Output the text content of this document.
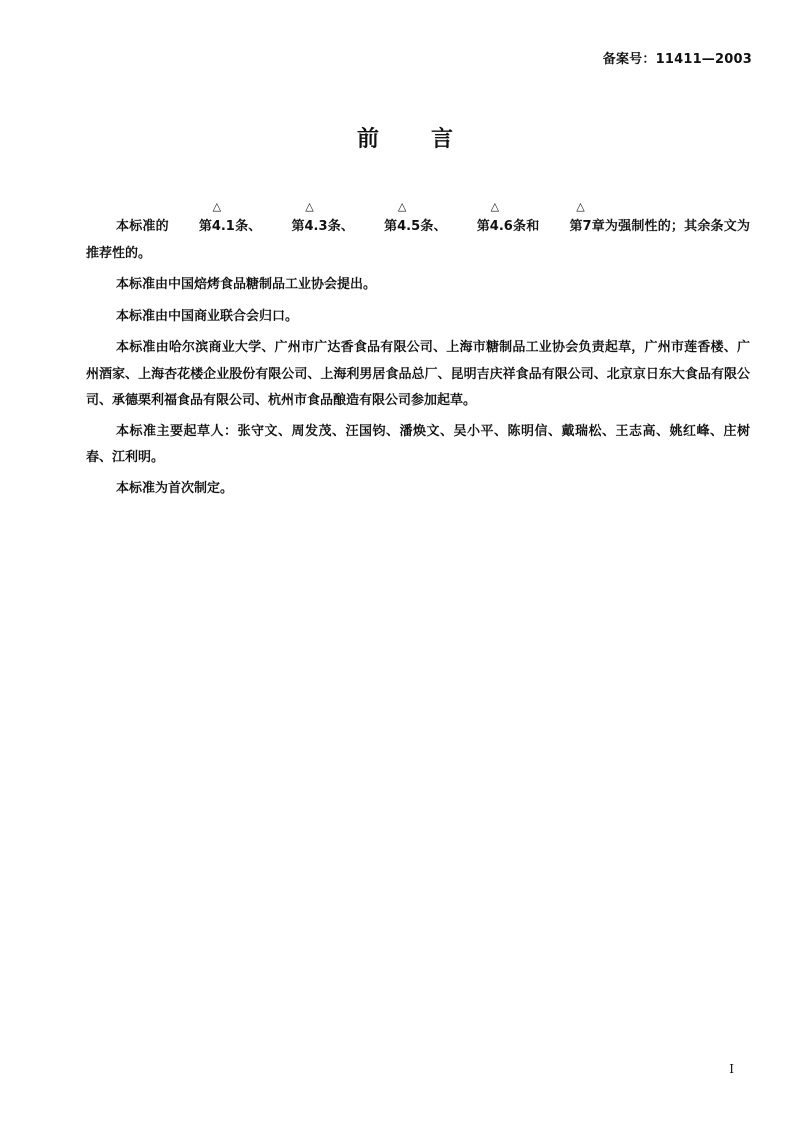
备案号：11411—2003
前言

本标准的
△
第4.1条、
△
第4.3条、
△
第4.5条、
△
第4.6条和
△
第7章为强制性的；其余条文为推荐性的。

本标准由中国焙烤食品糖制品工业协会提出。

本标准由中国商业联合会归口。

本标准由哈尔滨商业大学、广州市广达香食品有限公司、上海市糖制品工业协会负责起草，广州市莲香楼、广州酒家、上海杏花楼企业股份有限公司、上海利男居食品总厂、昆明吉庆祥食品有限公司、北京京日东大食品有限公司、承德栗利福食品有限公司、杭州市食品酿造有限公司参加起草。

本标准主要起草人：张守文、周发茂、汪国钧、潘焕文、吴小平、陈明信、戴瑞松、王志高、姚红峰、庄树春、江利明。

本标准为首次制定。

I
